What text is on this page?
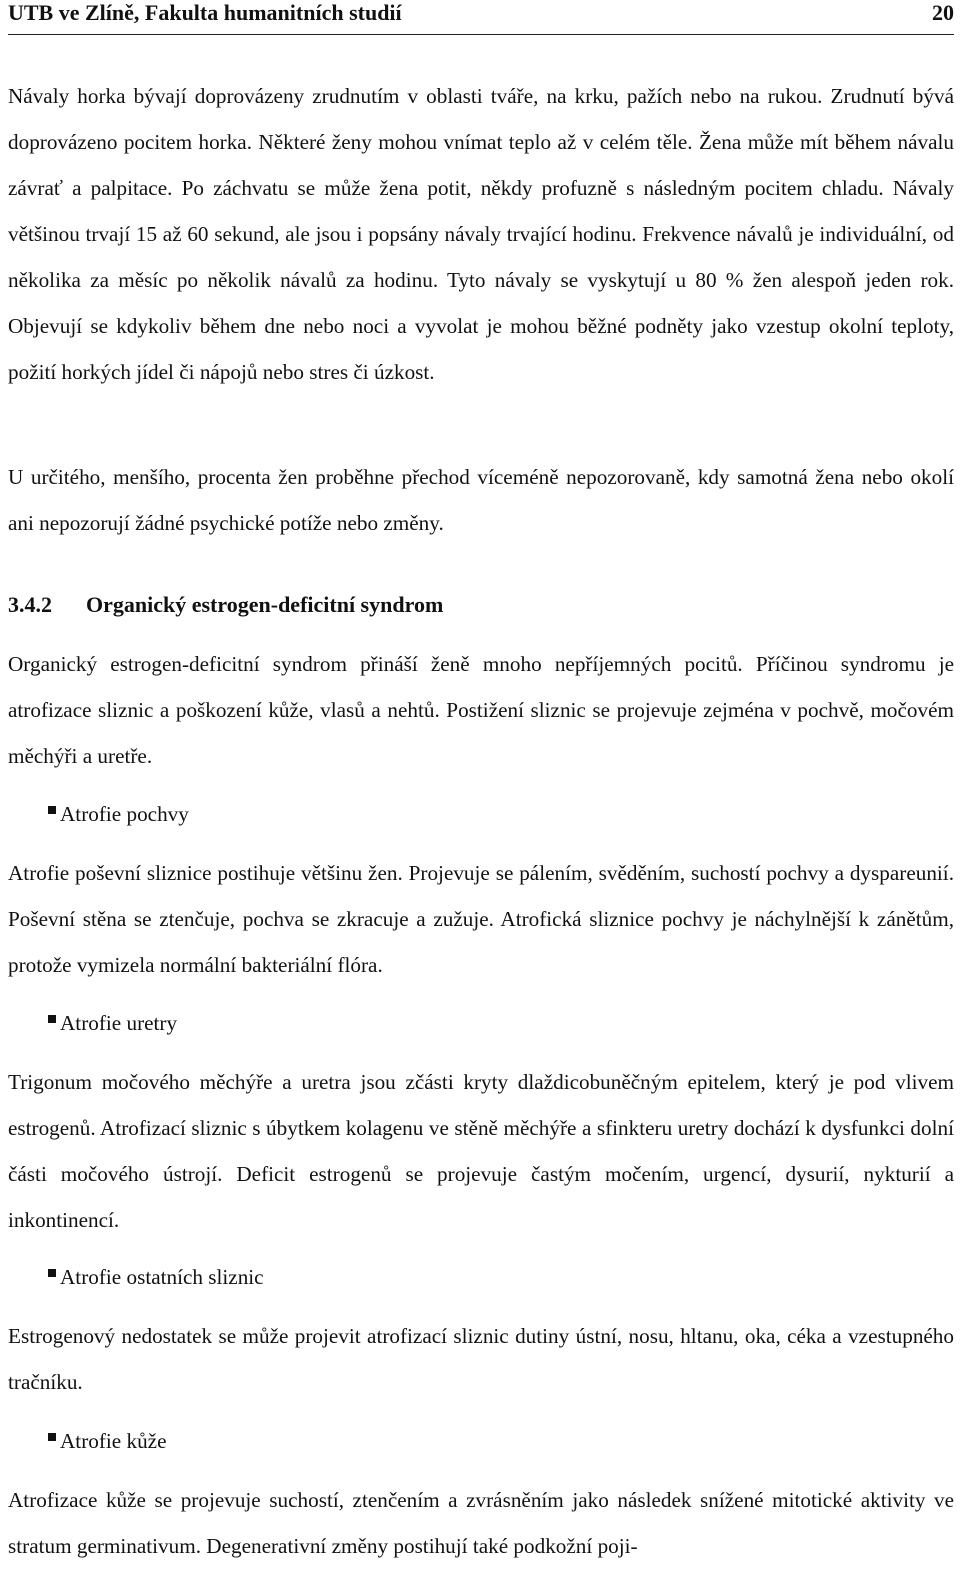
UTB ve Zlíně, Fakulta humanitních studií	20

Návaly horka bývají doprovázeny zrudnutím v oblasti tváře, na krku, pažích nebo na rukou. Zrudnutí bývá doprovázeno pocitem horka. Některé ženy mohou vnímat teplo až v celém těle. Žena může mít během návalu závrať a palpitace. Po záchvatu se může žena potit, někdy profuzně s následným pocitem chladu. Návaly většinou trvají 15 až 60 sekund, ale jsou i popsány návaly trvající hodinu. Frekvence návalů je individuální, od několika za měsíc po několik návalů za hodinu. Tyto návaly se vyskytují u 80 % žen alespoň jeden rok. Objevují se kdykoliv během dne nebo noci a vyvolat je mohou běžné podněty jako vzestup okolní teploty, požití horkých jídel či nápojů nebo stres či úzkost.

U určitého, menšího, procenta žen proběhne přechod víceméně nepozorovaně, kdy samotná žena nebo okolí ani nepozorují žádné psychické potíže nebo změny.

3.4.2 Organický estrogen-deficitní syndrom

Organický estrogen-deficitní syndrom přináší ženě mnoho nepříjemných pocitů. Příčinou syndromu je atrofizace sliznic a poškození kůže, vlasů a nehtů. Postižení sliznic se projevuje zejména v pochvě, močovém měchýři a uretře.

Atrofie pochvy

Atrofie poševní sliznice postihuje většinu žen. Projevuje se pálením, svěděním, suchostí pochvy a dyspareunií. Poševní stěna se ztenčuje, pochva se zkracuje a zužuje. Atrofická sliznice pochvy je náchylnější k zánětům, protože vymizela normální bakteriální flóra.

Atrofie uretry

Trigonum močového měchýře a uretra jsou zčásti kryty dlaždicobuněčným epitelem, který je pod vlivem estrogenů. Atrofizací sliznic s úbytkem kolagenu ve stěně měchýře a sfinkteru uretry dochází k dysfunkci dolní části močového ústrojí. Deficit estrogenů se projevuje častým močením, urgencí, dysurií, nykturií a inkontinencí.

Atrofie ostatních sliznic

Estrogenový nedostatek se může projevit atrofizací sliznic dutiny ústní, nosu, hltanu, oka, céka a vzestupného tračníku.

Atrofie kůže

Atrofizace kůže se projevuje suchostí, ztenčením a zvrásněním jako následek snížené mitotické aktivity ve stratum germinativum. Degenerativní změny postihují také podkožní poji-
